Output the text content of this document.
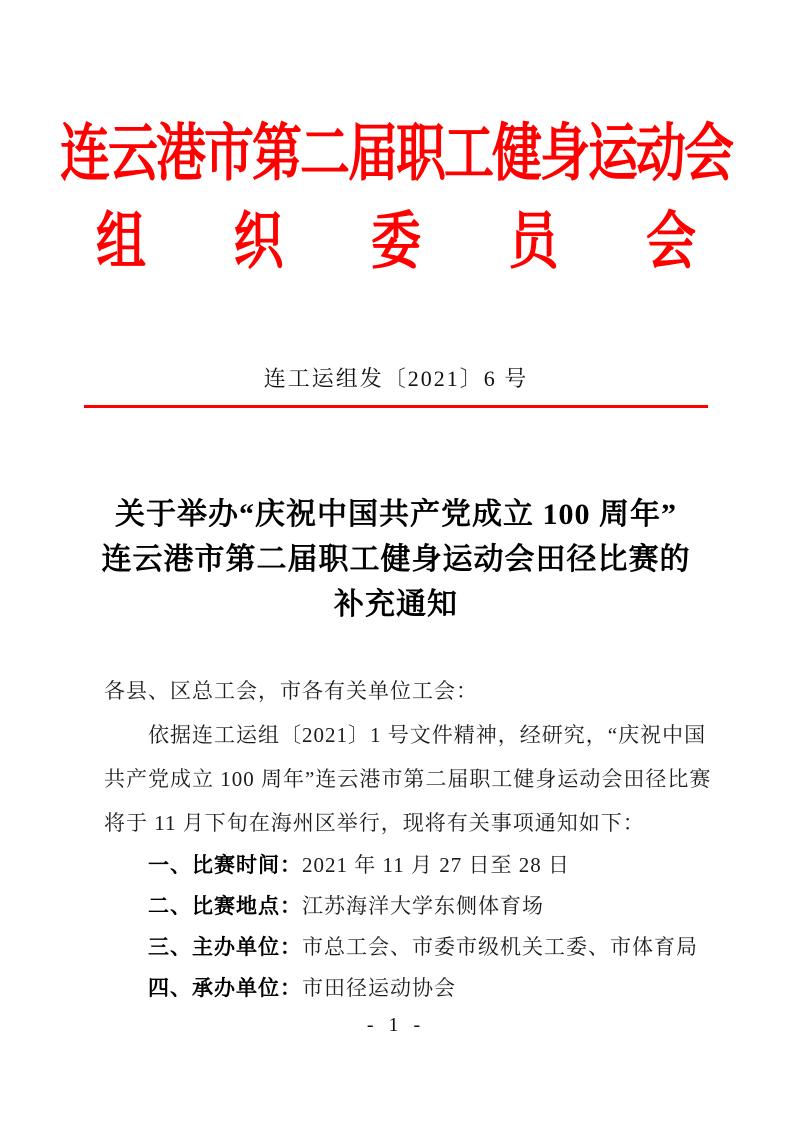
连云港市第二届职工健身运动会
组 织 委 员 会
连工运组发〔2021〕6 号
关于举办“庆祝中国共产党成立 100 周年”
连云港市第二届职工健身运动会田径比赛的
补充通知
各县、区总工会，市各有关单位工会：
依据连工运组〔2021〕1 号文件精神，经研究，“庆祝中国
共产党成立 100 周年”连云港市第二届职工健身运动会田径比赛
将于 11 月下旬在海州区举行，现将有关事项通知如下：
一、比赛时间：2021 年 11 月 27 日至 28 日
二、比赛地点：江苏海洋大学东侧体育场
三、主办单位：市总工会、市委市级机关工委、市体育局
四、承办单位：市田径运动协会
- 1 -
